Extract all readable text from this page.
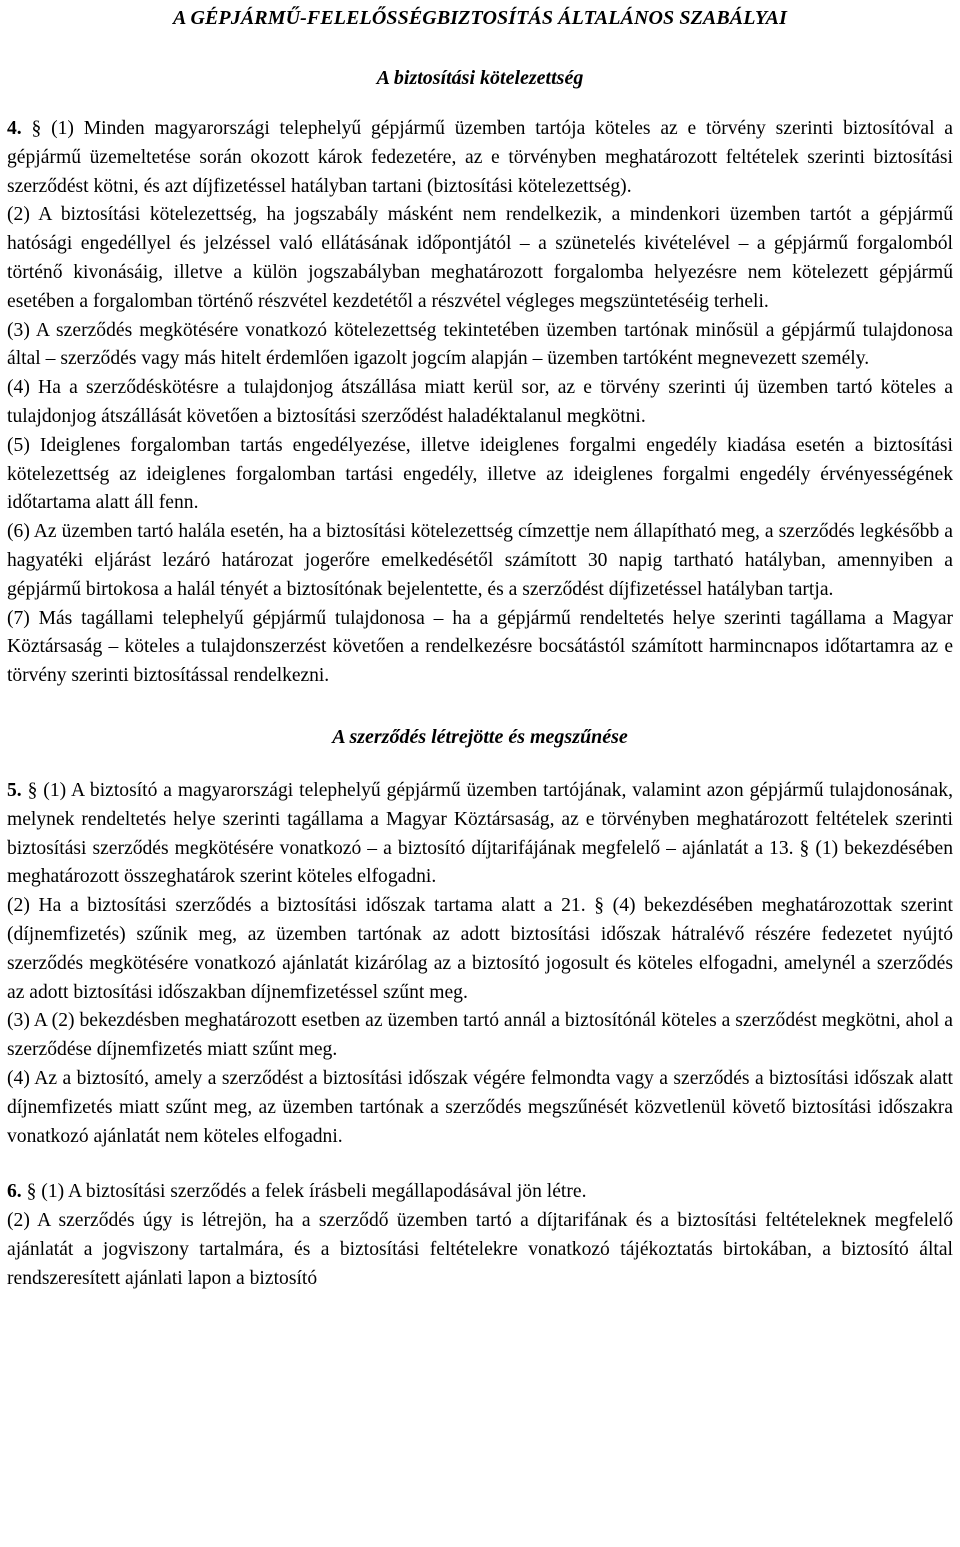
A GÉPJÁRMŰ-FELELŐSSÉGBIZTOSÍTÁS ÁLTALÁNOS SZABÁLYAI
A biztosítási kötelezettség

4. § (1) Minden magyarországi telephelyű gépjármű üzemben tartója köteles az e törvény szerinti biztosítóval a gépjármű üzemeltetése során okozott károk fedezetére, az e törvényben meghatározott feltételek szerinti biztosítási szerződést kötni, és azt díjfizetéssel hatályban tartani (biztosítási kötelezettség).

(2) A biztosítási kötelezettség, ha jogszabály másként nem rendelkezik, a mindenkori üzemben tartót a gépjármű hatósági engedéllyel és jelzéssel való ellátásának időpontjától – a szünetelés kivételével – a gépjármű forgalomból történő kivonásáig, illetve a külön jogszabályban meghatározott forgalomba helyezésre nem kötelezett gépjármű esetében a forgalomban történő részvétel kezdetétől a részvétel végleges megszüntetéséig terheli.

(3) A szerződés megkötésére vonatkozó kötelezettség tekintetében üzemben tartónak minősül a gépjármű tulajdonosa által – szerződés vagy más hitelt érdemlően igazolt jogcím alapján – üzemben tartóként megnevezett személy.

(4) Ha a szerződéskötésre a tulajdonjog átszállása miatt kerül sor, az e törvény szerinti új üzemben tartó köteles a tulajdonjog átszállását követően a biztosítási szerződést haladéktalanul megkötni.

(5) Ideiglenes forgalomban tartás engedélyezése, illetve ideiglenes forgalmi engedély kiadása esetén a biztosítási kötelezettség az ideiglenes forgalomban tartási engedély, illetve az ideiglenes forgalmi engedély érvényességének időtartama alatt áll fenn.

(6) Az üzemben tartó halála esetén, ha a biztosítási kötelezettség címzettje nem állapítható meg, a szerződés legkésőbb a hagyatéki eljárást lezáró határozat jogerőre emelkedésétől számított 30 napig tartható hatályban, amennyiben a gépjármű birtokosa a halál tényét a biztosítónak bejelentette, és a szerződést díjfizetéssel hatályban tartja.

(7) Más tagállami telephelyű gépjármű tulajdonosa – ha a gépjármű rendeltetés helye szerinti tagállama a Magyar Köztársaság – köteles a tulajdonszerzést követően a rendelkezésre bocsátástól számított harmincnapos időtartamra az e törvény szerinti biztosítással rendelkezni.

A szerződés létrejötte és megszűnése

5. § (1) A biztosító a magyarországi telephelyű gépjármű üzemben tartójának, valamint azon gépjármű tulajdonosának, melynek rendeltetés helye szerinti tagállama a Magyar Köztársaság, az e törvényben meghatározott feltételek szerinti biztosítási szerződés megkötésére vonatkozó – a biztosító díjtarifájának megfelelő – ajánlatát a 13. § (1) bekezdésében meghatározott összeghatárok szerint köteles elfogadni.

(2) Ha a biztosítási szerződés a biztosítási időszak tartama alatt a 21. § (4) bekezdésében meghatározottak szerint (díjnemfizetés) szűnik meg, az üzemben tartónak az adott biztosítási időszak hátralévő részére fedezetet nyújtó szerződés megkötésére vonatkozó ajánlatát kizárólag az a biztosító jogosult és köteles elfogadni, amelynél a szerződés az adott biztosítási időszakban díjnemfizetéssel szűnt meg.

(3) A (2) bekezdésben meghatározott esetben az üzemben tartó annál a biztosítónál köteles a szerződést megkötni, ahol a szerződése díjnemfizetés miatt szűnt meg.

(4) Az a biztosító, amely a szerződést a biztosítási időszak végére felmondta vagy a szerződés a biztosítási időszak alatt díjnemfizetés miatt szűnt meg, az üzemben tartónak a szerződés megszűnését közvetlenül követő biztosítási időszakra vonatkozó ajánlatát nem köteles elfogadni.

6. § (1) A biztosítási szerződés a felek írásbeli megállapodásával jön létre.

(2) A szerződés úgy is létrejön, ha a szerződő üzemben tartó a díjtarifának és a biztosítási feltételeknek megfelelő ajánlatát a jogviszony tartalmára, és a biztosítási feltételekre vonatkozó tájékoztatás birtokában, a biztosító által rendszeresített ajánlati lapon a biztosító
